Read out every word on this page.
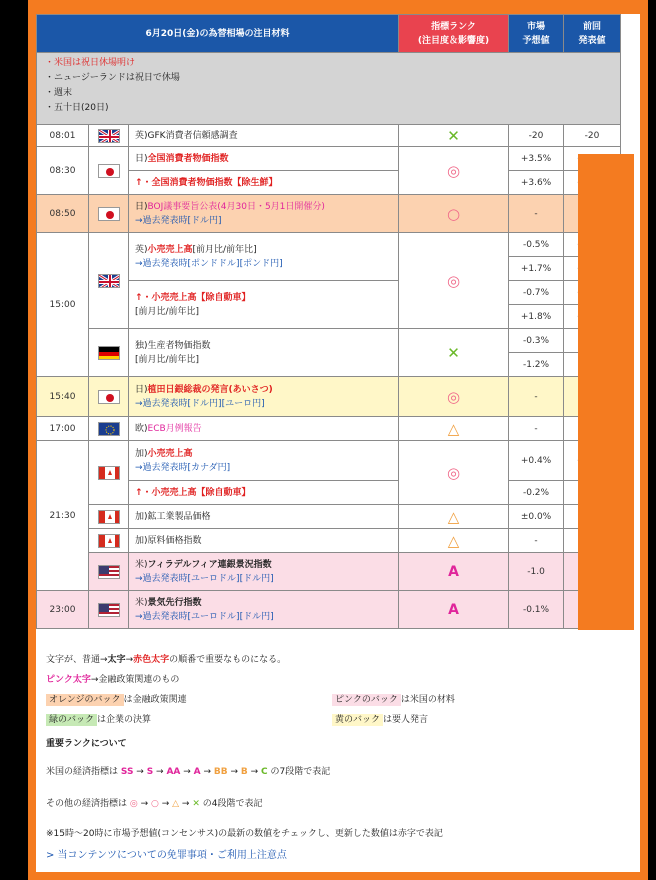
6月20日(金)の為替相場の注目材料			指標ランク
(注目度＆影響度)	市場
予想値	前回
発表値

・米国は祝日休場明け
・ニュージーランドは祝日で休場
・週末
・五十日(20日)					

08:01		英)GFK消費者信頼感調査	✕	-20	-20
08:30		日)全国消費者物価指数	◎	+3.5%	
		↑・全国消費者物価指数【除生鮮】		+3.6%	
08:50		日)BOJ議事要旨公表(4月30日・5月1日開催分)
→過去発表時[ドル円]	○	-	
15:00		英)小売売上高[前月比/前年比]
→過去発表時[ポンドドル][ポンド円]	◎	-0.5%	
				+1.7%	
		↑・小売売上高【除自動車】
[前月比/前年比]		-0.7%	
				+1.8%	
	独)生産者物価指数
[前月比/前年比]	✕	-0.3%	
				-1.2%	
15:40		日)植田日銀総裁の発言(あいさつ)
→過去発表時[ドル円][ユーロ円]	◎	-	
17:00		欧)ECB月例報告	△	-	
21:30		加)小売売上高
→過去発表時[カナダ円]	◎	+0.4%	
		↑・小売売上高【除自動車】		-0.2%	
	加)鉱工業製品価格	△	±0.0%	
	加)原料価格指数	△	-	
	米)フィラデルフィア連銀景況指数
→過去発表時[ユーロドル][ドル円]	A	-1.0	
23:00		米)景気先行指数
→過去発表時[ユーロドル][ドル円]	A	-0.1%	
文字が、普通→太字→赤色太字の順番で重要なものになる。
ピンク太字→金融政策関連のもの
オレンジのバック は金融政策関連	ピンクのバック は米国の材料
緑のバック は企業の決算	黄のバック は要人発言
重要ランクについて
米国の経済指標は SS → S → AA → A → BB → B → C の7段階で表記
その他の経済指標は ◎ → ○ → △ → ✕ の4段階で表記
※15時〜20時に市場予想値(コンセンサス)の最新の数値をチェックし、更新した数値は赤字で表記
> 当コンテンツについての免罪事項・ご利用上注意点
